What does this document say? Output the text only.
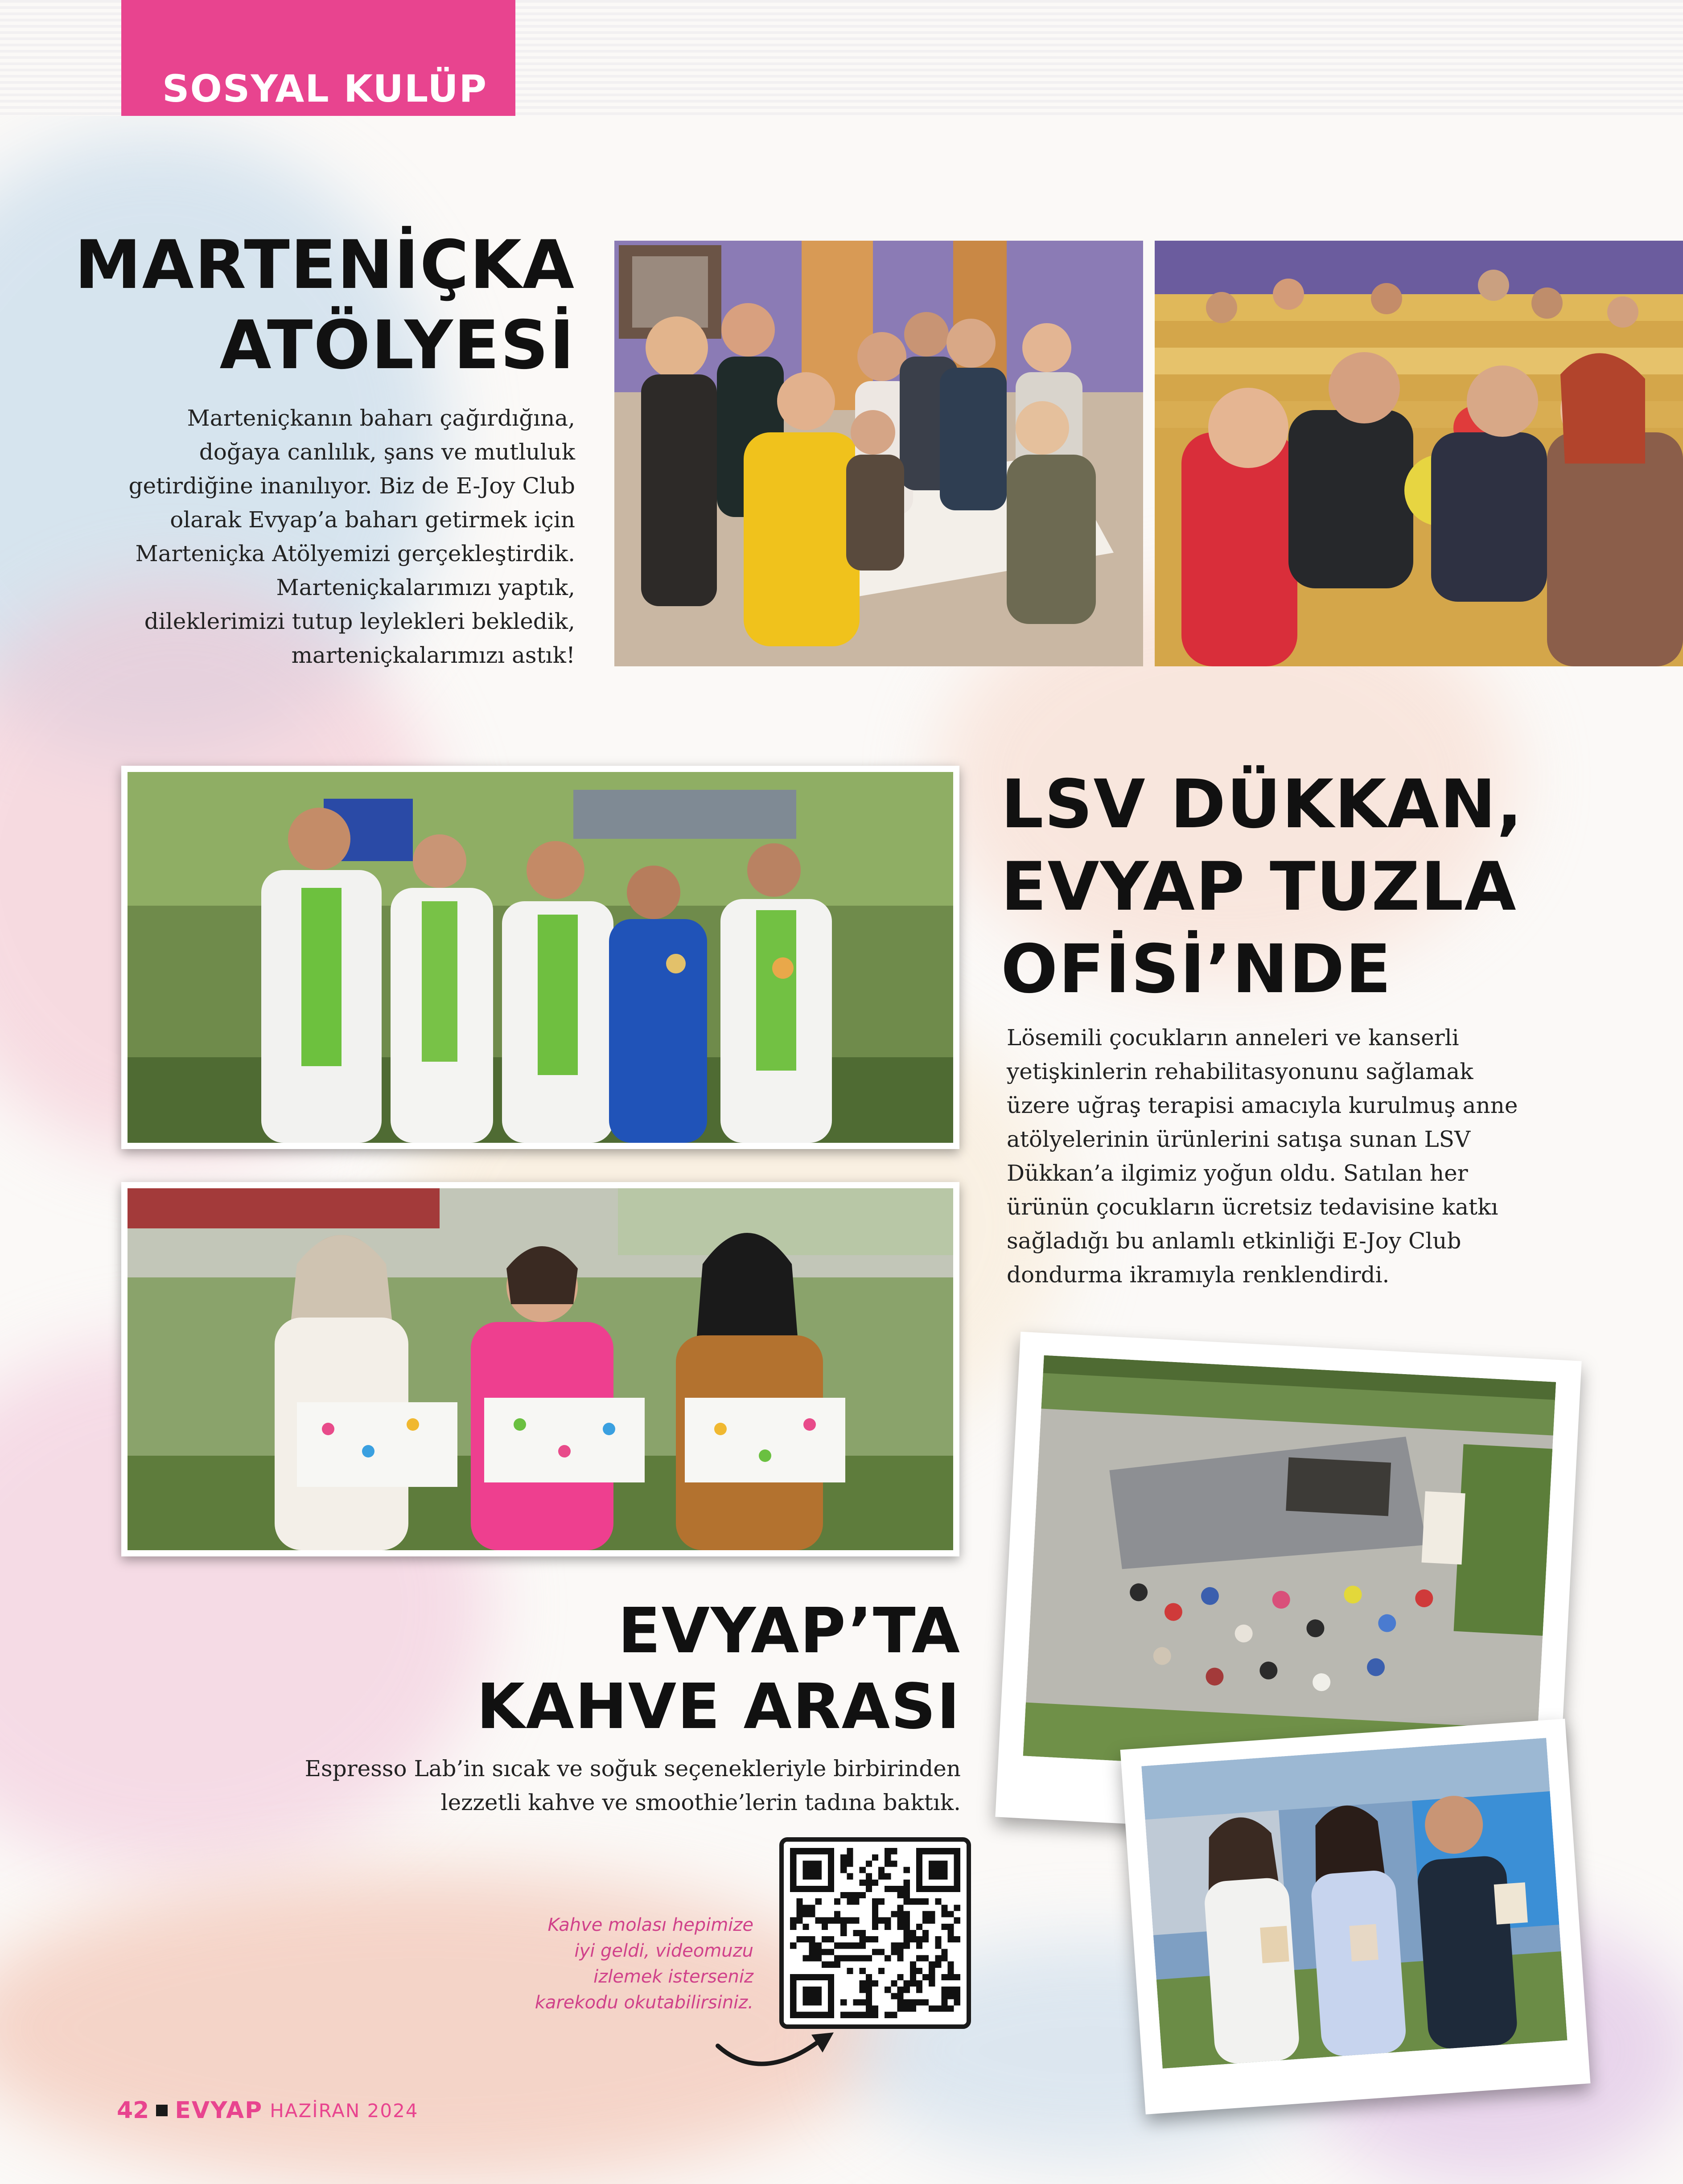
SOSYAL KULÜP
MARTENİÇKA
ATÖLYESİ

Marteniçkanın baharı çağırdığına,

doğaya canlılık, şans ve mutluluk

getirdiğine inanılıyor. Biz de E-Joy Club

olarak Evyap’a baharı getirmek için

Marteniçka Atölyemizi gerçekleştirdik.

Marteniçkalarımızı yaptık,

dileklerimizi tutup leylekleri bekledik,

marteniçkalarımızı astık!

LSV DÜKKAN,
EVYAP TUZLA
OFİSİ’NDE

Lösemili çocukların anneleri ve kanserli

yetişkinlerin rehabilitasyonunu sağlamak

üzere uğraş terapisi amacıyla kurulmuş anne

atölyelerinin ürünlerini satışa sunan LSV

Dükkan’a ilgimiz yoğun oldu. Satılan her

ürünün çocukların ücretsiz tedavisine katkı

sağladığı bu anlamlı etkinliği E-Joy Club

dondurma ikramıyla renklendirdi.

EVYAP’TA
KAHVE ARASI

Espresso Lab’in sıcak ve soğuk seçenekleriyle birbirinden

lezzetli kahve ve smoothie’lerin tadına baktık.

Kahve molası hepimize
iyi geldi, videomuzu
izlemek isterseniz
karekodu okutabilirsiniz.
42 EVYAP HAZİRAN 2024
